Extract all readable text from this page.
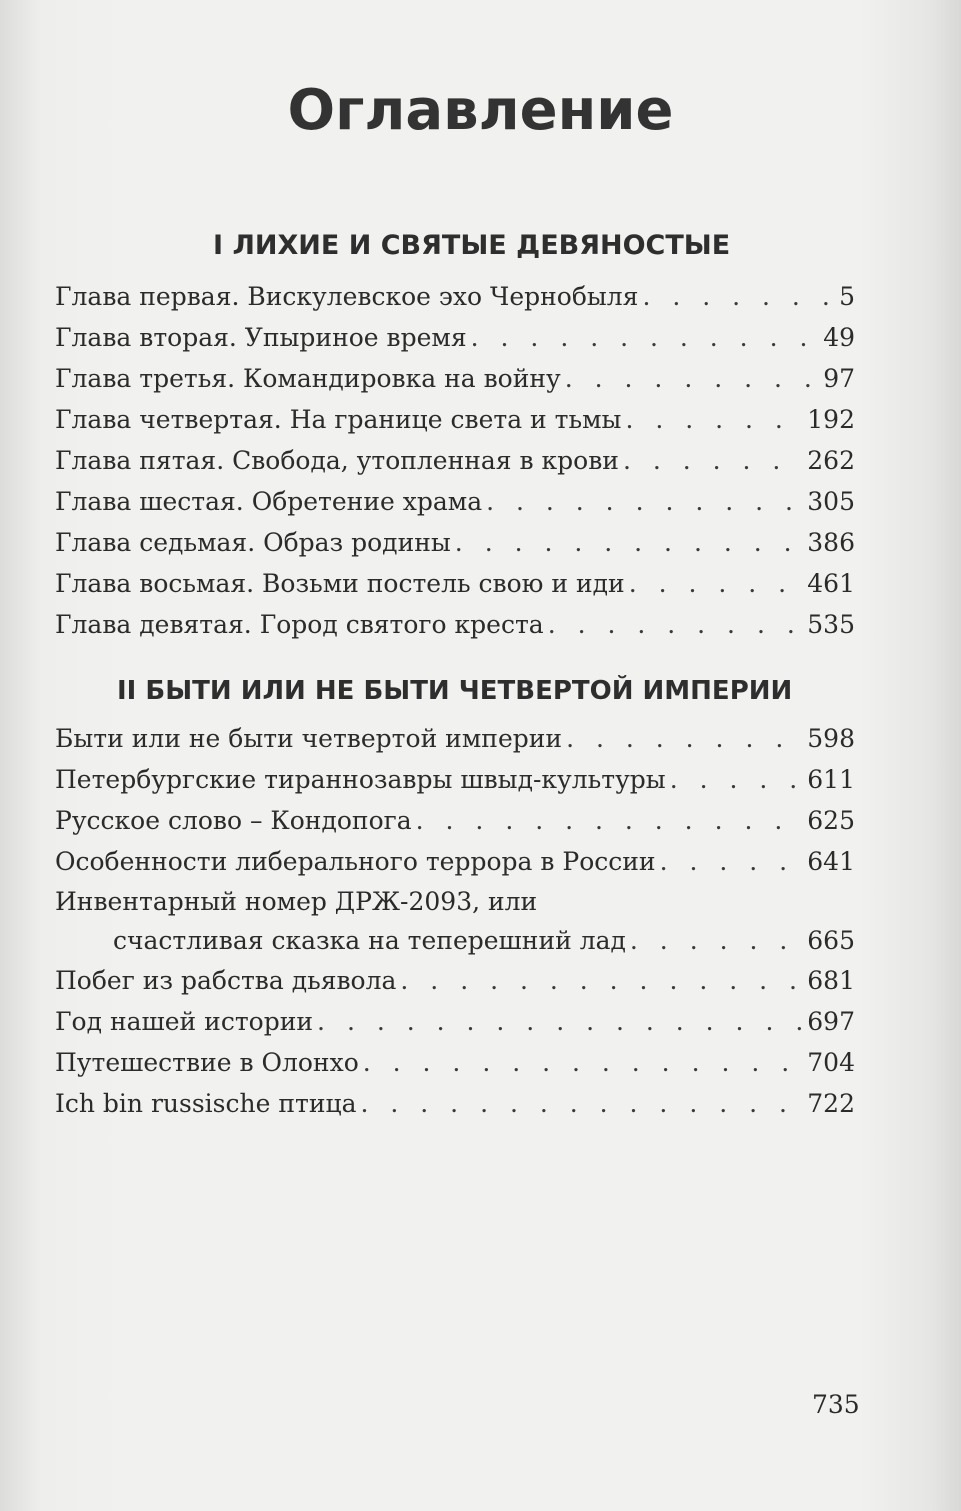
Оглавление
I ЛИХИЕ И СВЯТЫЕ ДЕВЯНОСТЫЕ
Глава первая. Вискулевское эхо Чернобыля . . .	5
Глава вторая. Упыриное время . . .	49
Глава третья. Командировка на войну . . .	97
Глава четвертая. На границе света и тьмы . . .	192
Глава пятая. Свобода, утопленная в крови . . .	262
Глава шестая. Обретение храма . . .	305
Глава седьмая. Образ родины . . .	386
Глава восьмая. Возьми постель свою и иди . . .	461
Глава девятая. Город святого креста . . .	535
II БЫТИ ИЛИ НЕ БЫТИ ЧЕТВЕРТОЙ ИМПЕРИИ
Быти или не быти четвертой империи . . .	598
Петербургские тираннозавры швыд-культуры . . .	611
Русское слово – Кондопога . . .	625
Особенности либерального террора в России . . .	641
Инвентарный номер ДРЖ-2093, или
счастливая сказка на теперешний лад . . .	665
Побег из рабства дьявола . . .	681
Год нашей истории . . .	697
Путешествие в Олонхо . . .	704
Ich bin russische птица . . .	722
735
